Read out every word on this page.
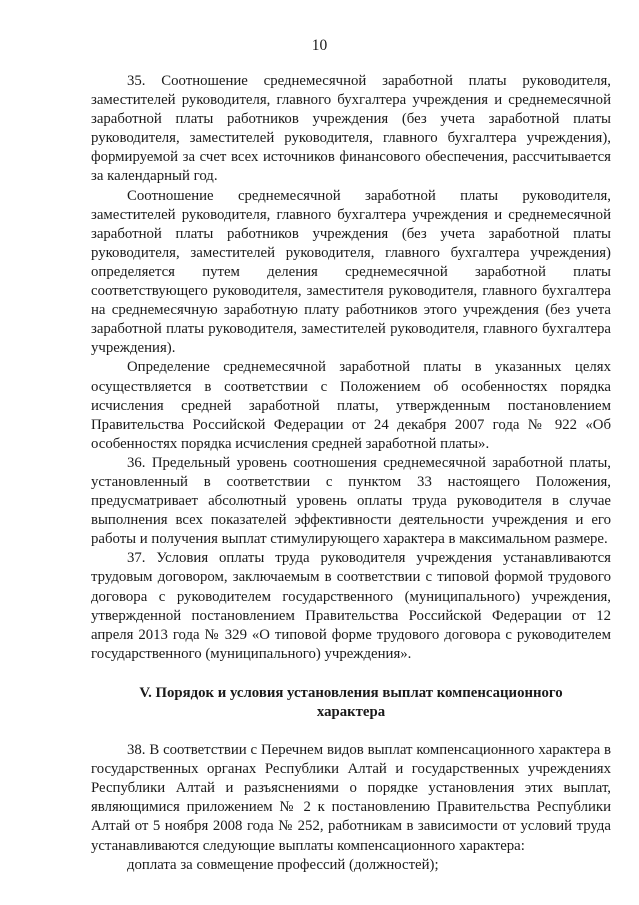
10

35. Соотношение среднемесячной заработной платы руководителя, заместителей руководителя, главного бухгалтера учреждения и среднемесячной заработной платы работников учреждения (без учета заработной платы руководителя, заместителей руководителя, главного бухгалтера учреждения), формируемой за счет всех источников финансового обеспечения, рассчитывается за календарный год.

Соотношение среднемесячной заработной платы руководителя, заместителей руководителя, главного бухгалтера учреждения и среднемесячной заработной платы работников учреждения (без учета заработной платы руководителя, заместителей руководителя, главного бухгалтера учреждения) определяется путем деления среднемесячной заработной платы соответствующего руководителя, заместителя руководителя, главного бухгалтера на среднемесячную заработную плату работников этого учреждения (без учета заработной платы руководителя, заместителей руководителя, главного бухгалтера учреждения).

Определение среднемесячной заработной платы в указанных целях осуществляется в соответствии с Положением об особенностях порядка исчисления средней заработной платы, утвержденным постановлением Правительства Российской Федерации от 24 декабря 2007 года № 922 «Об особенностях порядка исчисления средней заработной платы».

36. Предельный уровень соотношения среднемесячной заработной платы, установленный в соответствии с пунктом 33 настоящего Положения, предусматривает абсолютный уровень оплаты труда руководителя в случае выполнения всех показателей эффективности деятельности учреждения и его работы и получения выплат стимулирующего характера в максимальном размере.

37. Условия оплаты труда руководителя учреждения устанавливаются трудовым договором, заключаемым в соответствии с типовой формой трудового договора с руководителем государственного (муниципального) учреждения, утвержденной постановлением Правительства Российской Федерации от 12 апреля 2013 года № 329 «О типовой форме трудового договора с руководителем государственного (муниципального) учреждения».

V. Порядок и условия установления выплат компенсационного характера

38. В соответствии с Перечнем видов выплат компенсационного характера в государственных органах Республики Алтай и государственных учреждениях Республики Алтай и разъяснениями о порядке установления этих выплат, являющимися приложением № 2 к постановлению Правительства Республики Алтай от 5 ноября 2008 года № 252, работникам в зависимости от условий труда устанавливаются следующие выплаты компенсационного характера:

доплата за совмещение профессий (должностей);
